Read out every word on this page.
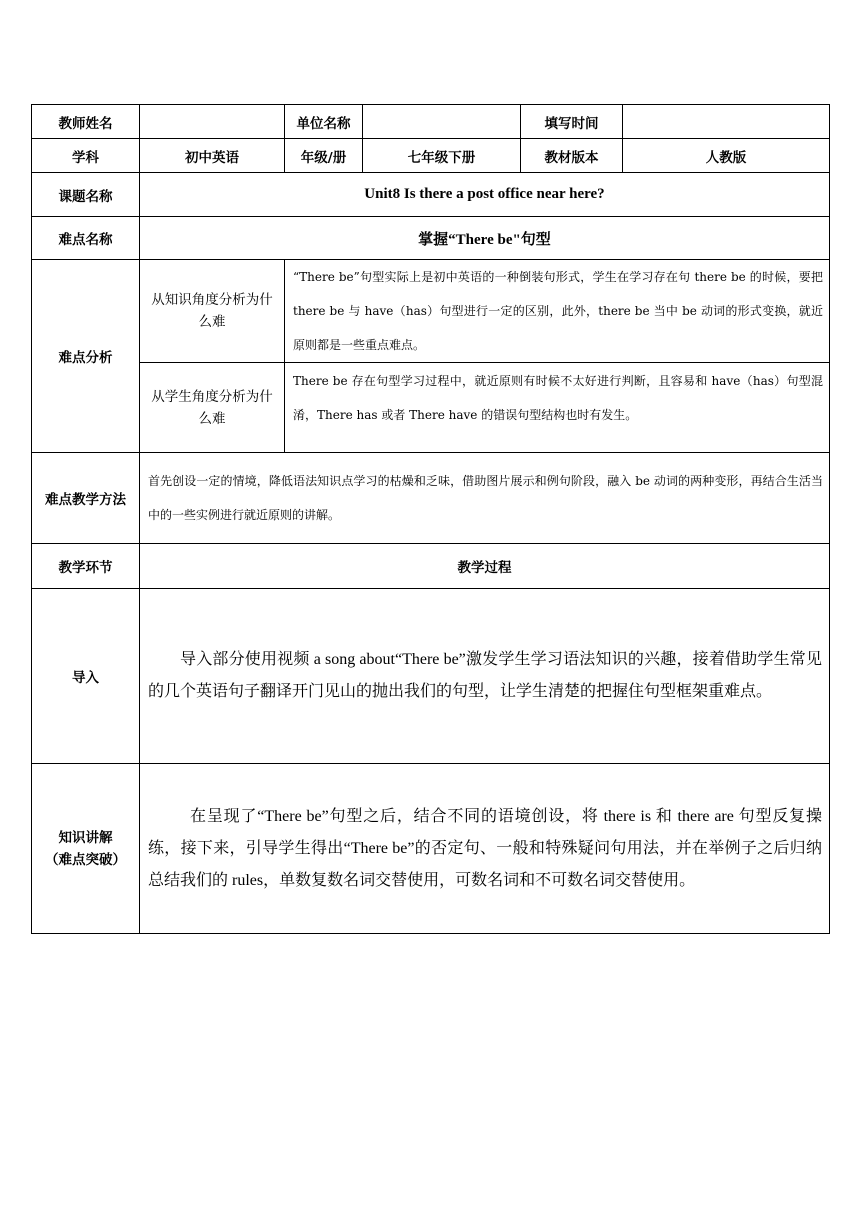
教师姓名		单位名称		填写时间	
学科	初中英语	年级/册	七年级下册	教材版本	人教版
课题名称	Unit8 Is there a post office near here?				
难点名称	掌握“There be"句型				
难点分析	从知识角度分析为什么难	“There be”句型实际上是初中英语的一种倒装句形式，学生在学习存在句 there be 的时候，要把 there be 与 have（has）句型进行一定的区别，此外，there be 当中 be 动词的形式变换，就近原则都是一些重点难点。			
	从学生角度分析为什么难	There be 存在句型学习过程中，就近原则有时候不太好进行判断，且容易和 have（has）句型混淆，There has 或者 There have 的错误句型结构也时有发生。			
难点教学方法	首先创设一定的情境，降低语法知识点学习的枯燥和乏味，借助图片展示和例句阶段，融入 be 动词的两种变形，再结合生活当中的一些实例进行就近原则的讲解。				
教学环节	教学过程				
导入	导入部分使用视频 a song about“There be”激发学生学习语法知识的兴趣，接着借助学生常见的几个英语句子翻译开门见山的抛出我们的句型，让学生清楚的把握住句型框架重难点。				

知识讲解
（难点突破）	在呈现了“There be”句型之后，结合不同的语境创设，将 there is 和 there are 句型反复操练，接下来，引导学生得出“There be”的否定句、一般和特殊疑问句用法，并在举例子之后归纳总结我们的 rules，单数复数名词交替使用，可数名词和不可数名词交替使用。				
